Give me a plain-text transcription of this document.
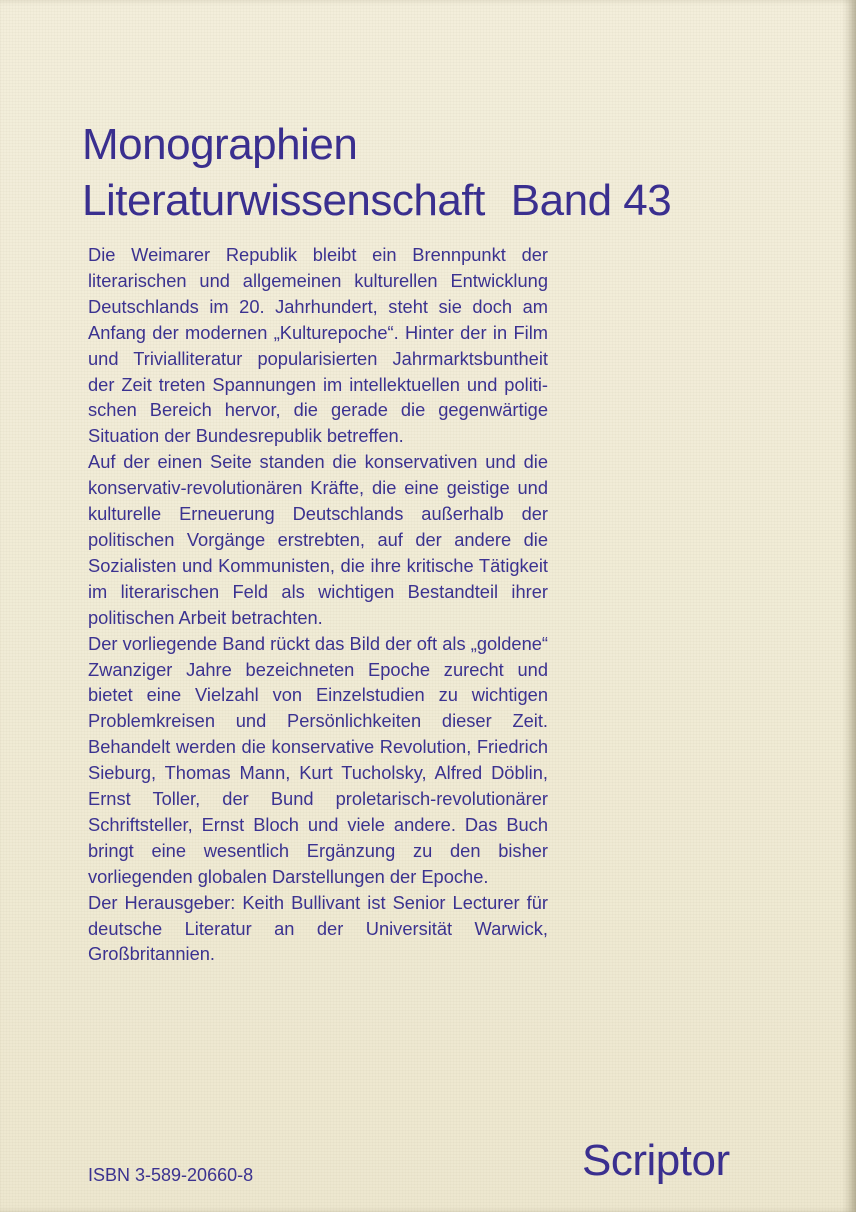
Monographien
Literaturwissenschaft Band 43

Die Weimarer Republik bleibt ein Brennpunkt der literarischen und allgemeinen kulturellen Entwicklung Deutschlands im 20. Jahrhundert, steht sie doch am Anfang der modernen „Kulturepoche“. Hinter der in Film und Trivialliteratur popularisierten Jahrmarktsbuntheit der Zeit treten Spannungen im intellektuellen und politischen Bereich hervor, die gerade die gegenwärtige Situation der Bundesrepublik betreffen.

Auf der einen Seite standen die konservativen und die konservativ-revolutionären Kräfte, die eine geistige und kulturelle Erneuerung Deutschlands außerhalb der politischen Vorgänge erstrebten, auf der andere die Sozialisten und Kommunisten, die ihre kritische Tätigkeit im literarischen Feld als wichtigen Bestandteil ihrer politischen Arbeit betrachten.

Der vorliegende Band rückt das Bild der oft als „goldene“ Zwanziger Jahre bezeichneten Epoche zurecht und bietet eine Vielzahl von Einzelstudien zu wichtigen Problemkreisen und Persönlichkeiten dieser Zeit. Behandelt werden die konservative Revolution, Friedrich Sieburg, Thomas Mann, Kurt Tucholsky, Alfred Döblin, Ernst Toller, der Bund proletarisch-revolutionärer Schriftsteller, Ernst Bloch und viele andere. Das Buch bringt eine wesentlich Ergänzung zu den bisher vorliegenden globalen Darstellungen der Epoche.

Der Herausgeber: Keith Bullivant ist Senior Lecturer für deutsche Literatur an der Universität Warwick, Großbritannien.

ISBN 3-589-20660-8	Scriptor
